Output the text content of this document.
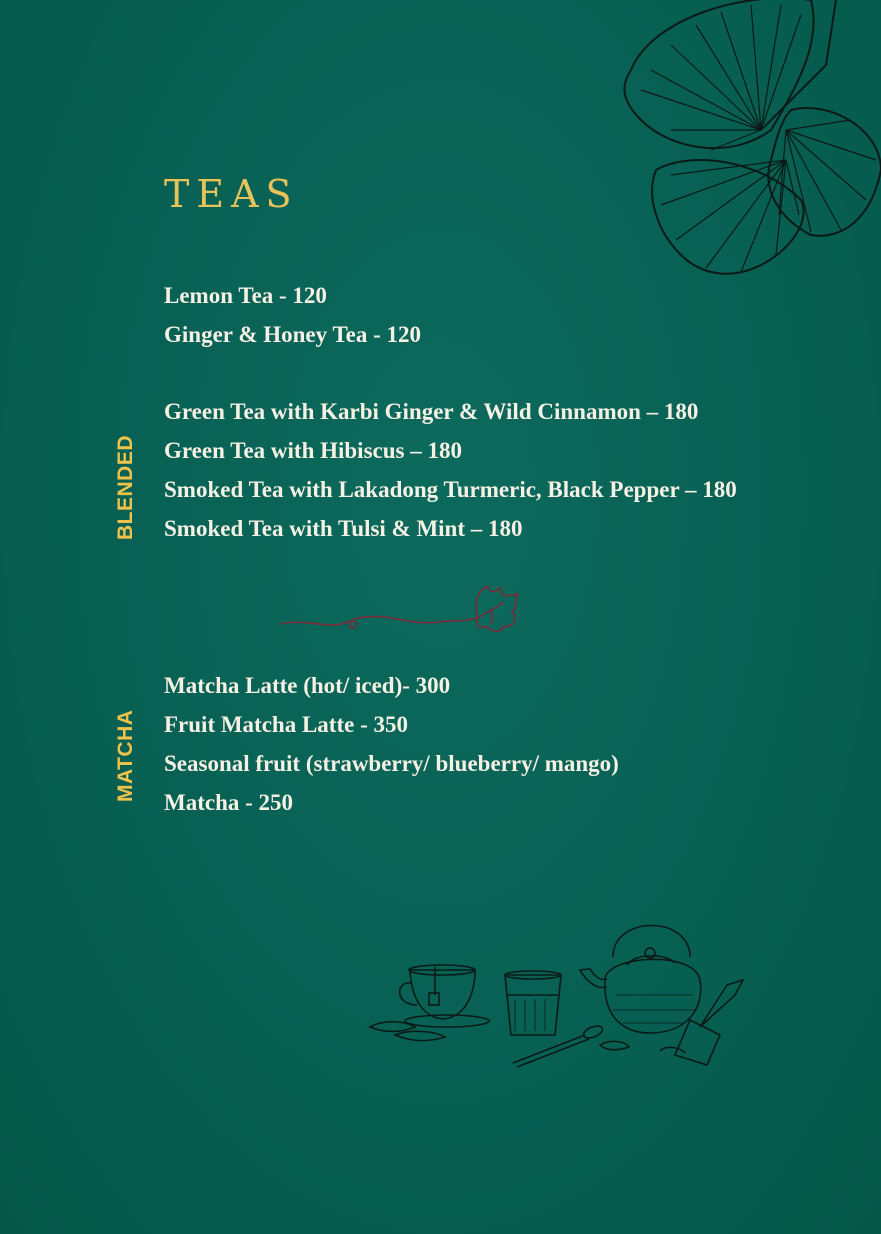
TEAS
Lemon Tea - 120
Ginger & Honey Tea - 120
BLENDED
Green Tea with Karbi Ginger & Wild Cinnamon – 180
Green Tea with Hibiscus – 180
Smoked Tea with Lakadong Turmeric, Black Pepper – 180
Smoked Tea with Tulsi & Mint – 180
MATCHA
Matcha Latte (hot/ iced)- 300
Fruit Matcha Latte - 350
Seasonal fruit (strawberry/ blueberry/ mango)
Matcha - 250
